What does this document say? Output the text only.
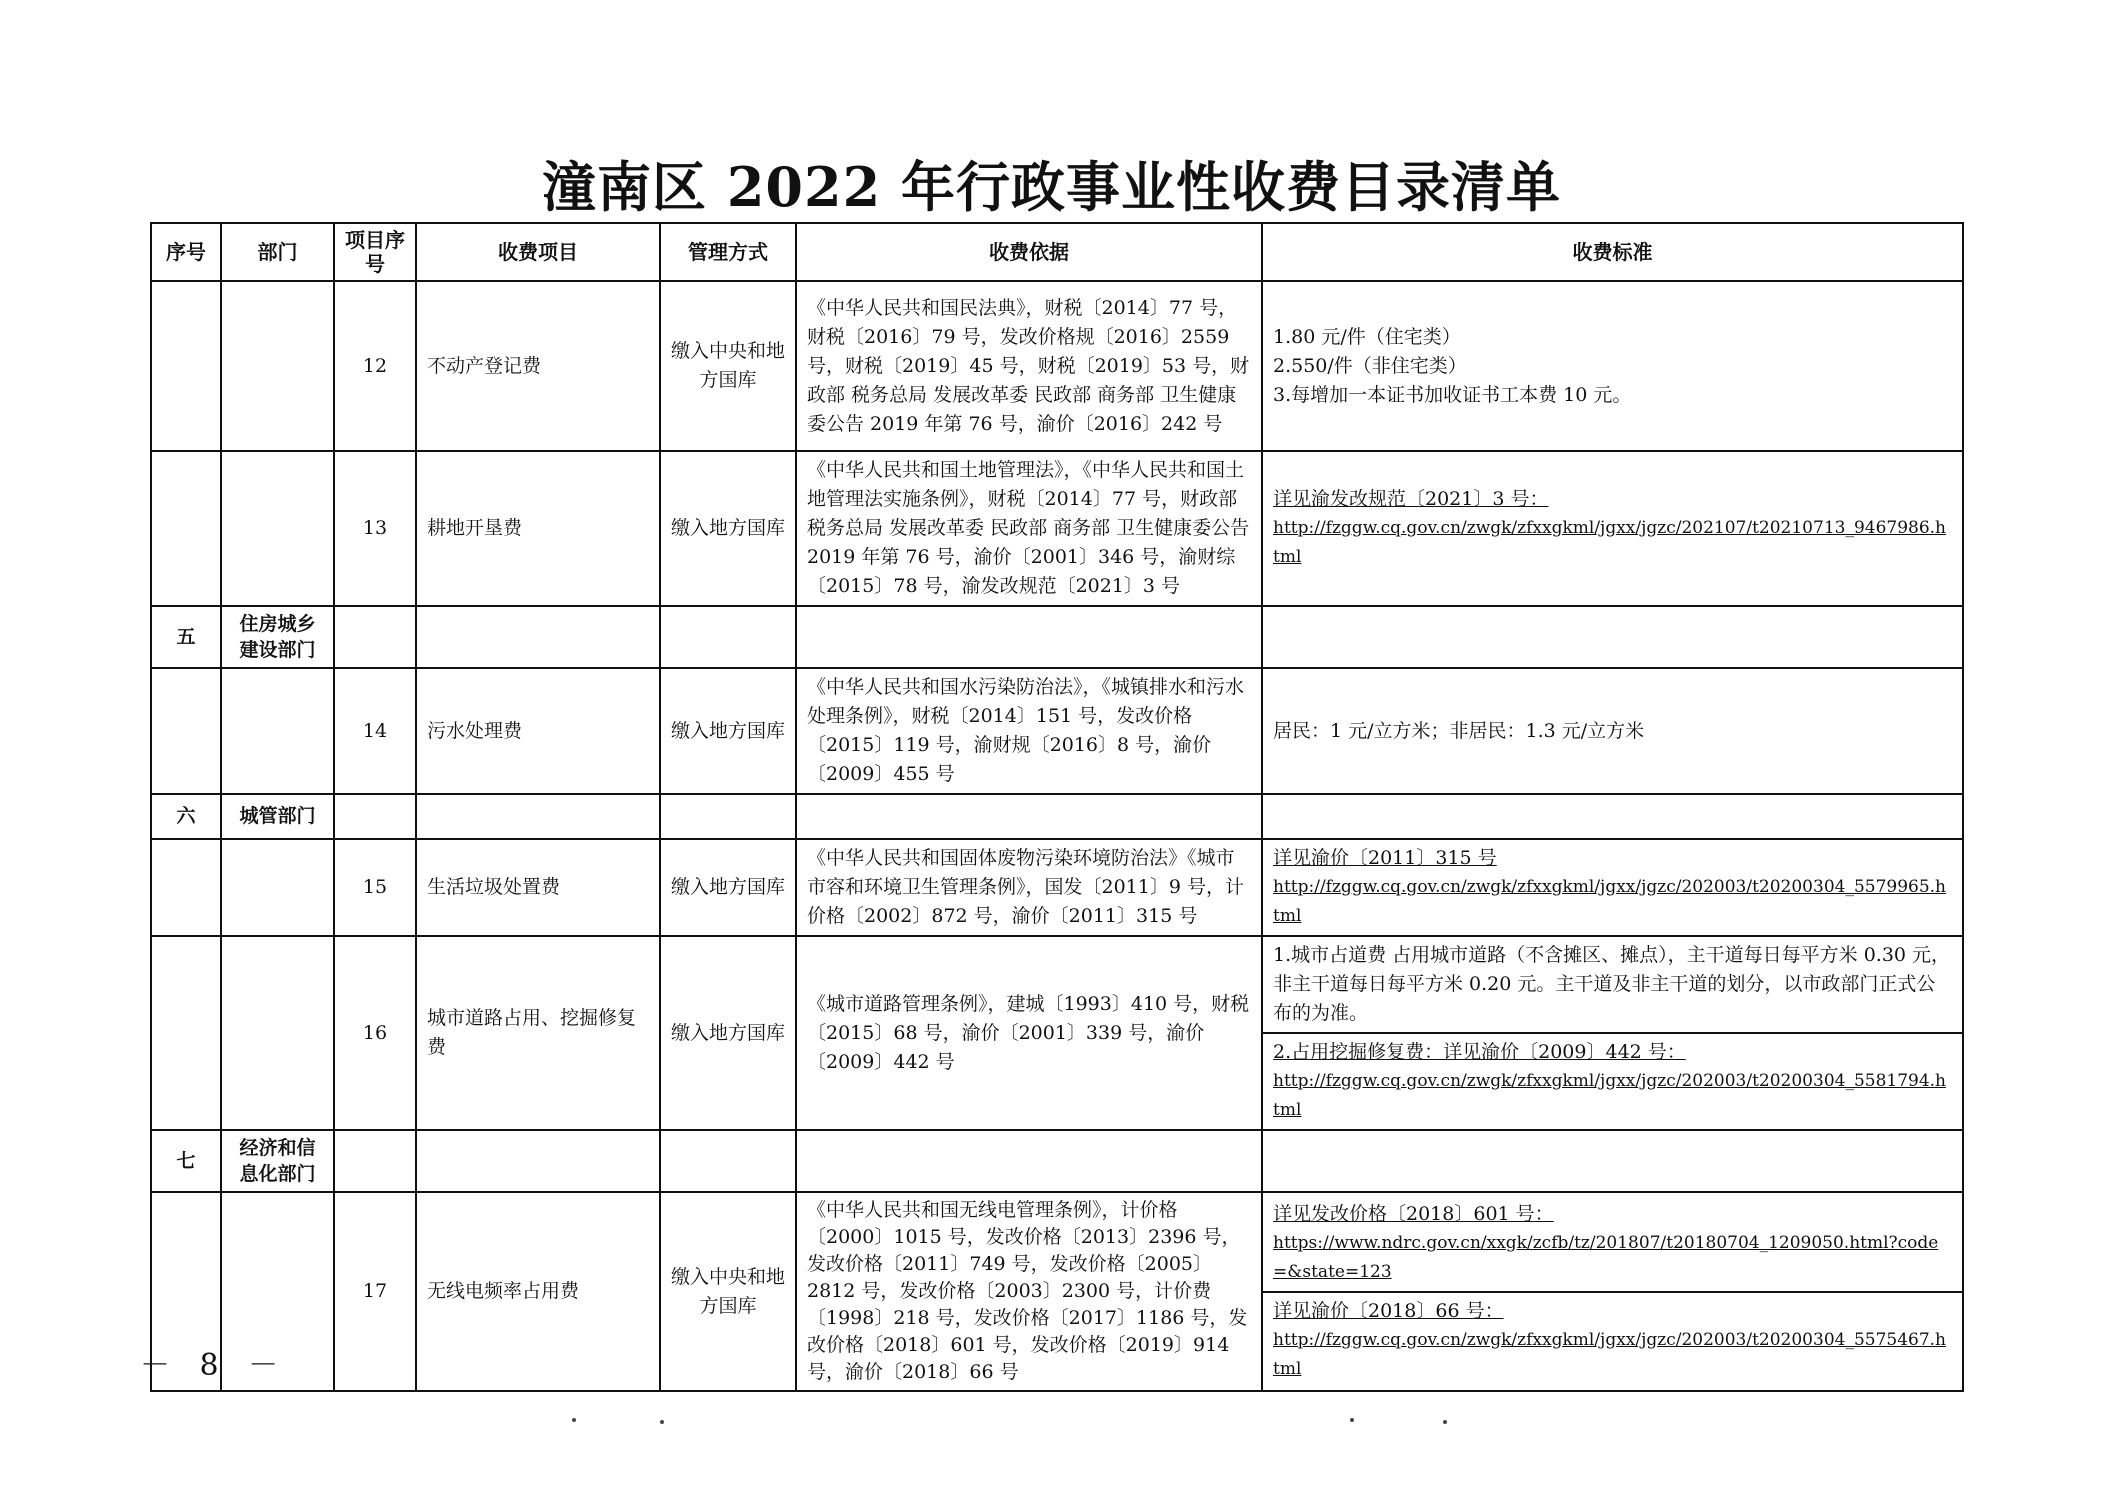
潼南区 2022 年行政事业性收费目录清单
序号	部门	项目序号	收费项目	管理方式	收费依据	收费标准
		12	不动产登记费	缴入中央和地方国库	《中华人民共和国民法典》，财税〔2014〕77 号，财税〔2016〕79 号，发改价格规〔2016〕2559 号，财税〔2019〕45 号，财税〔2019〕53 号，财政部 税务总局 发展改革委 民政部 商务部 卫生健康委公告 2019 年第 76 号，渝价〔2016〕242 号	1.80 元/件（住宅类）
2.550/件（非住宅类）
3.每增加一本证书加收证书工本费 10 元。

		13	耕地开垦费	缴入地方国库	《中华人民共和国土地管理法》，《中华人民共和国土地管理法实施条例》，财税〔2014〕77 号，财政部 税务总局 发展改革委 民政部 商务部 卫生健康委公告 2019 年第 76 号，渝价〔2001〕346 号，渝财综〔2015〕78 号，渝发改规范〔2021〕3 号	详见渝发改规范〔2021〕3 号：
http://fzggw.cq.gov.cn/zwgk/zfxxgkml/jgxx/jgzc/202107/t20210713_9467986.html

五	住房城乡建设部门					
		14	污水处理费	缴入地方国库	《中华人民共和国水污染防治法》，《城镇排水和污水处理条例》，财税〔2014〕151 号，发改价格〔2015〕119 号，渝财规〔2016〕8 号，渝价〔2009〕455 号	居民：1 元/立方米；非居民：1.3 元/立方米
六	城管部门					
		15	生活垃圾处置费	缴入地方国库	《中华人民共和国固体废物污染环境防治法》《城市市容和环境卫生管理条例》，国发〔2011〕9 号，计价格〔2002〕872 号，渝价〔2011〕315 号	详见渝价〔2011〕315 号
http://fzggw.cq.gov.cn/zwgk/zfxxgkml/jgxx/jgzc/202003/t20200304_5579965.html

		16	城市道路占用、挖掘修复费	缴入地方国库	《城市道路管理条例》，建城〔1993〕410 号，财税〔2015〕68 号，渝价〔2001〕339 号，渝价〔2009〕442 号	1.城市占道费 占用城市道路（不含摊区、摊点），主干道每日每平方米 0.30 元，非主干道每日每平方米 0.20 元。主干道及非主干道的划分，以市政部门正式公布的为准。
2.占用挖掘修复费：详见渝价〔2009〕442 号：
http://fzggw.cq.gov.cn/zwgk/zfxxgkml/jgxx/jgzc/202003/t20200304_5581794.html

七	经济和信息化部门					
		17	无线电频率占用费	缴入中央和地方国库	《中华人民共和国无线电管理条例》，计价格〔2000〕1015 号，发改价格〔2013〕2396 号，发改价格〔2011〕749 号，发改价格〔2005〕2812 号，发改价格〔2003〕2300 号，计价费〔1998〕218 号，发改价格〔2017〕1186 号，发改价格〔2018〕601 号，发改价格〔2019〕914 号，渝价〔2018〕66 号	详见发改价格〔2018〕601 号：
https://www.ndrc.gov.cn/xxgk/zcfb/tz/201807/t20180704_1209050.html?code=&state=123
详见渝价〔2018〕66 号：
http://fzggw.cq.gov.cn/zwgk/zfxxgkml/jgxx/jgzc/202003/t20200304_5575467.html
－ 8 －
